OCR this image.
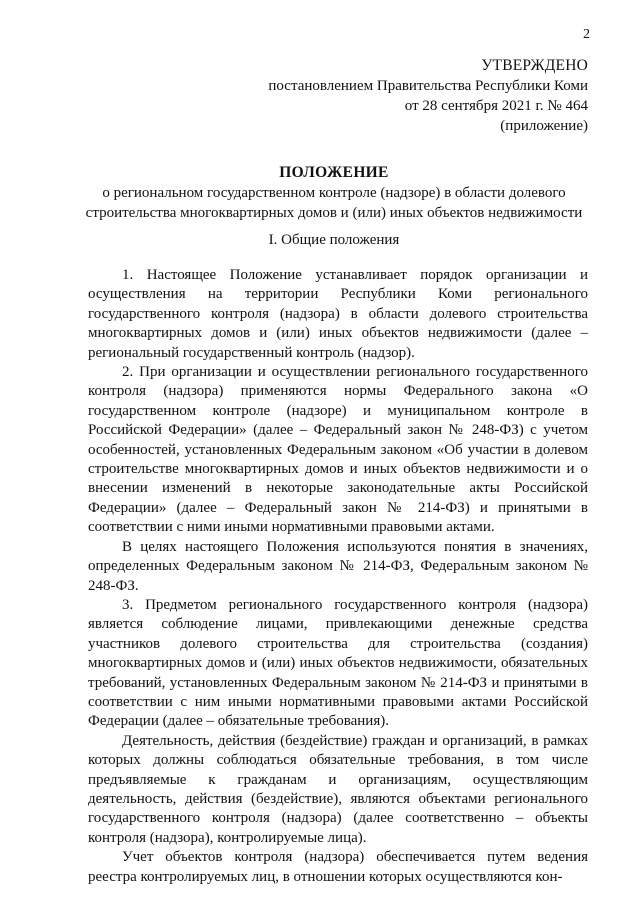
2
УТВЕРЖДЕНО
постановлением Правительства Республики Коми
от 28 сентября 2021 г. № 464
(приложение)
ПОЛОЖЕНИЕ
о региональном государственном контроле (надзоре) в области долевого строительства многоквартирных домов и (или) иных объектов недвижимости
I. Общие положения

1. Настоящее Положение устанавливает порядок организации и осуществления на территории Республики Коми регионального государственного контроля (надзора) в области долевого строительства многоквартирных домов и (или) иных объектов недвижимости (далее – региональный государственный контроль (надзор).

2. При организации и осуществлении регионального государственного контроля (надзора) применяются нормы Федерального закона «О государственном контроле (надзоре) и муниципальном контроле в Российской Федерации» (далее – Федеральный закон № 248-ФЗ) с учетом особенностей, установленных Федеральным законом «Об участии в долевом строительстве многоквартирных домов и иных объектов недвижимости и о внесении изменений в некоторые законодательные акты Российской Федерации» (далее – Федеральный закон № 214-ФЗ) и принятыми в соответствии с ними иными нормативными правовыми актами.

В целях настоящего Положения используются понятия в значениях, определенных Федеральным законом № 214-ФЗ, Федеральным законом № 248-ФЗ.

3. Предметом регионального государственного контроля (надзора) является соблюдение лицами, привлекающими денежные средства участников долевого строительства для строительства (создания) многоквартирных домов и (или) иных объектов недвижимости, обязательных требований, установленных Федеральным законом № 214-ФЗ и принятыми в соответствии с ним иными нормативными правовыми актами Российской Федерации (далее – обязательные требования).

Деятельность, действия (бездействие) граждан и организаций, в рамках которых должны соблюдаться обязательные требования, в том числе предъявляемые к гражданам и организациям, осуществляющим деятельность, действия (бездействие), являются объектами регионального государственного контроля (надзора) (далее соответственно – объекты контроля (надзора), контролируемые лица).

Учет объектов контроля (надзора) обеспечивается путем ведения реестра контролируемых лиц, в отношении которых осуществляются кон-
